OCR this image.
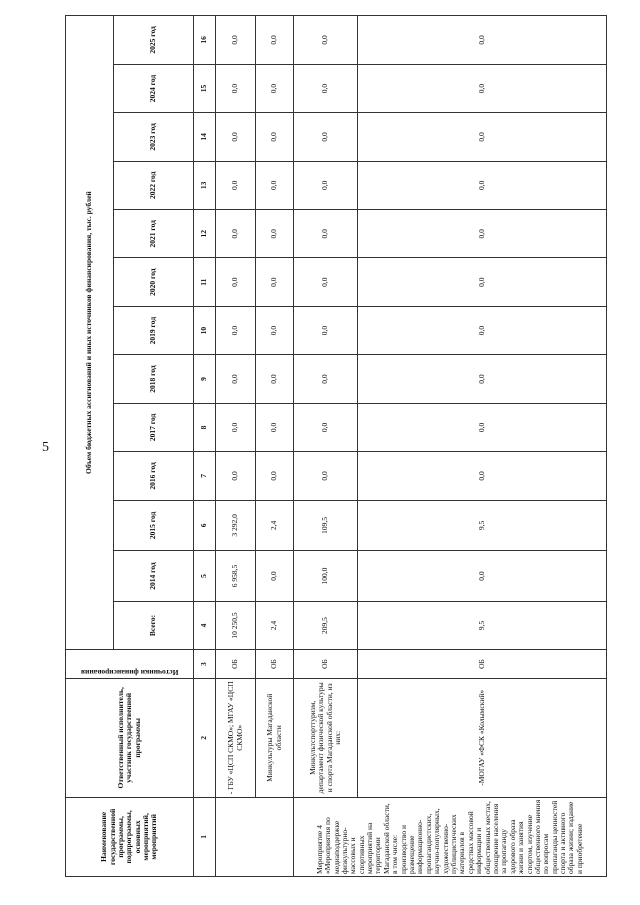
5
Наименование государственной программы, подпрограммы, основных мероприятий, мероприятий	Ответственный исполнитель, участник государственной программы	Источники финансирования	Объем бюджетных ассигнований и иных источников финансирования, тыс. рублей												
			Всего:	2014 год	2015 год	2016 год	2017 год	2018 год	2019 год	2020 год	2021 год	2022 год	2023 год	2024 год	2025 год
1	2	3	4	5	6	7	8	9	10	11	12	13	14	15	16
	- ГБУ «ЦСП СКМО»; МГАУ «ЦСП СКМО»	ОБ	10 250,5	6 958,5	3 292,0	0,0	0,0	0,0	0,0	0,0	0,0	0,0	0,0	0,0	0,0
	Минкультуры Магаданской области	ОБ	2,4	0,0	2,4	0,0	0,0	0,0	0,0	0,0	0,0	0,0	0,0	0,0	0,0
Мероприятие 4 «Мероприятия по медиаподдержке физкультурно-массовых и спортивных мероприятий на территории Магаданской области, в том числе: производство и размещение информационно-пропагандистских, научно-популярных, художественно-публицистических материалов в средствах массовой информации и общественных местах, поощрение населения за пропаганду здорового образа жизни и занятия спортом, изучение общественного мнения по вопросам пропаганды ценностей спорта и активного образа жизни; издание и приобретение	Минкультспорттуризм, департамент физической культуры и спорта Магаданской области, из них:	ОБ	209,5	100,0	109,5	0,0	0,0	0,0	0,0	0,0	0,0	0,0	0,0	0,0	0,0
	-МОГАУ «ФСК «Колымский»	ОБ	9,5	0,0	9,5	0,0	0,0	0,0	0,0	0,0	0,0	0,0	0,0	0,0	0,0
